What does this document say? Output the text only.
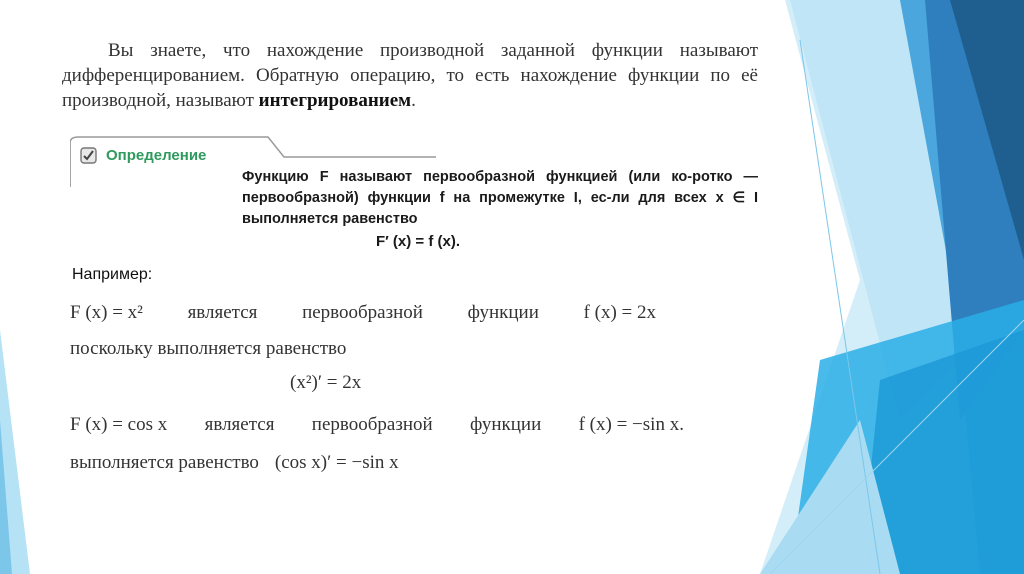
Вы знаете, что нахождение производной заданной функции называют дифференцированием. Обратную операцию, то есть нахождение функции по её производной, называют интегрированием.
Определение
Функцию F называют первообразной функцией (или ко-ротко — первообразной) функции f на промежутке I, ес-ли для всех x ∈ I выполняется равенство
F′ (x) = f (x).
Например:
F (x) = x² является первообразной функции f (x) = 2x
поскольку выполняется равенство
(x²)′ = 2x
F (x) = cos x является первообразной функции f (x) = −sin x.
выполняется равенство (cos x)′ = −sin x
